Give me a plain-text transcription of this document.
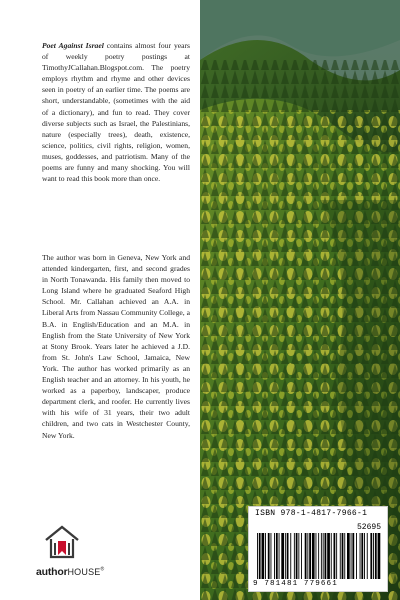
Poet Against Israel contains almost four years of weekly poetry postings at TimothyJCallahan.Blogspot.com. The poetry employs rhythm and rhyme and other devices seen in poetry of an earlier time. The poems are short, understandable, (sometimes with the aid of a dictionary), and fun to read. They cover diverse subjects such as Israel, the Palestinians, nature (especially trees), death, existence, science, politics, civil rights, religion, women, muses, goddesses, and patriotism. Many of the poems are funny and many shocking. You will want to read this book more than once.

The author was born in Geneva, New York and attended kindergarten, first, and second grades in North Tonawanda. His family then moved to Long Island where he graduated Seaford High School. Mr. Callahan achieved an A.A. in Liberal Arts from Nassau Community College, a B.A. in English/Education and an M.A. in English from the State University of New York at Stony Brook. Years later he achieved a J.D. from St. John's Law School, Jamaica, New York. The author has worked primarily as an English teacher and an attorney. In his youth, he worked as a paperboy, landscaper, produce department clerk, and roofer. He currently lives with his wife of 31 years, their two adult children, and two cats in Westchester County, New York.

authorHOUSE®
ISBN 978-1-4817-7966-1
52695
9 781481 779661
